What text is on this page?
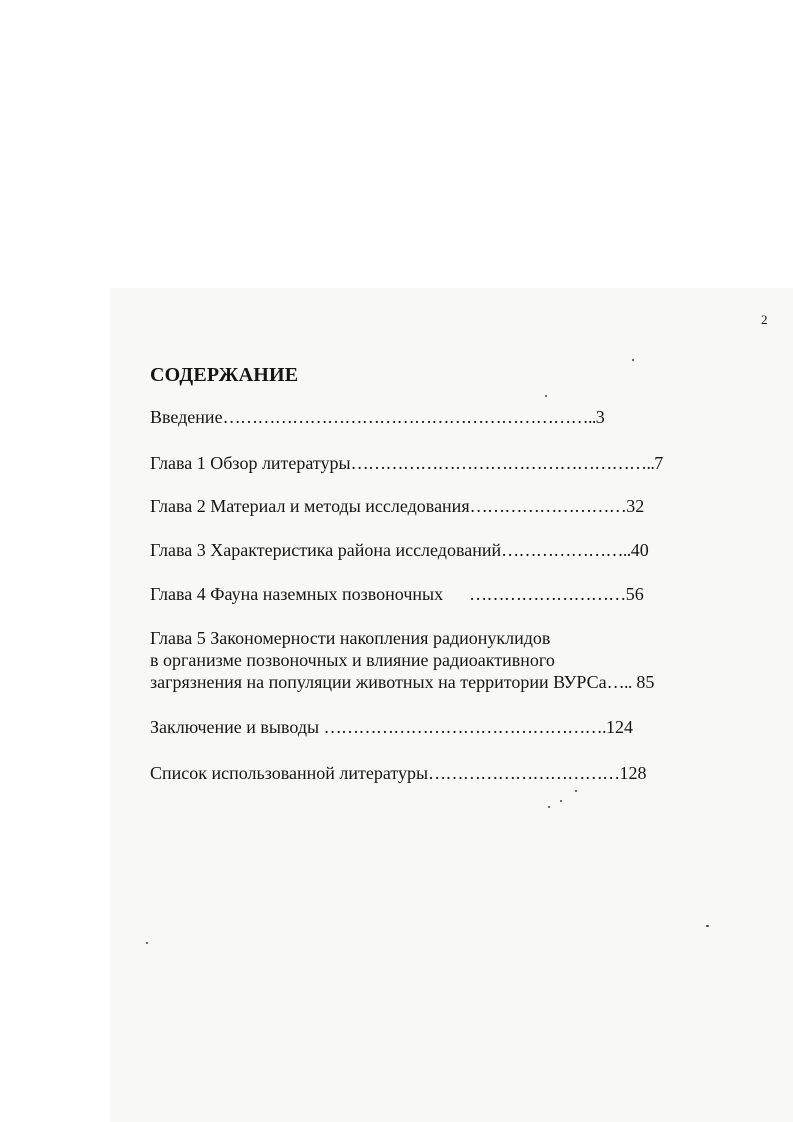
2
СОДЕРЖАНИЕ
Введение………………………………………………………..3
Глава 1 Обзор литературы……………………………………………..7
Глава 2 Материал и методы исследования………………………32
Глава 3 Характеристика района исследований…………………..40
Глава 4 Фауна наземных позвоночных ………………………56
Глава 5 Закономерности накопления радионуклидов
в организме позвоночных и влияние радиоактивного
загрязнения на популяции животных на территории ВУРСа….. 85
Заключение и выводы ………………………………………….124
Список использованной литературы……………………………128
